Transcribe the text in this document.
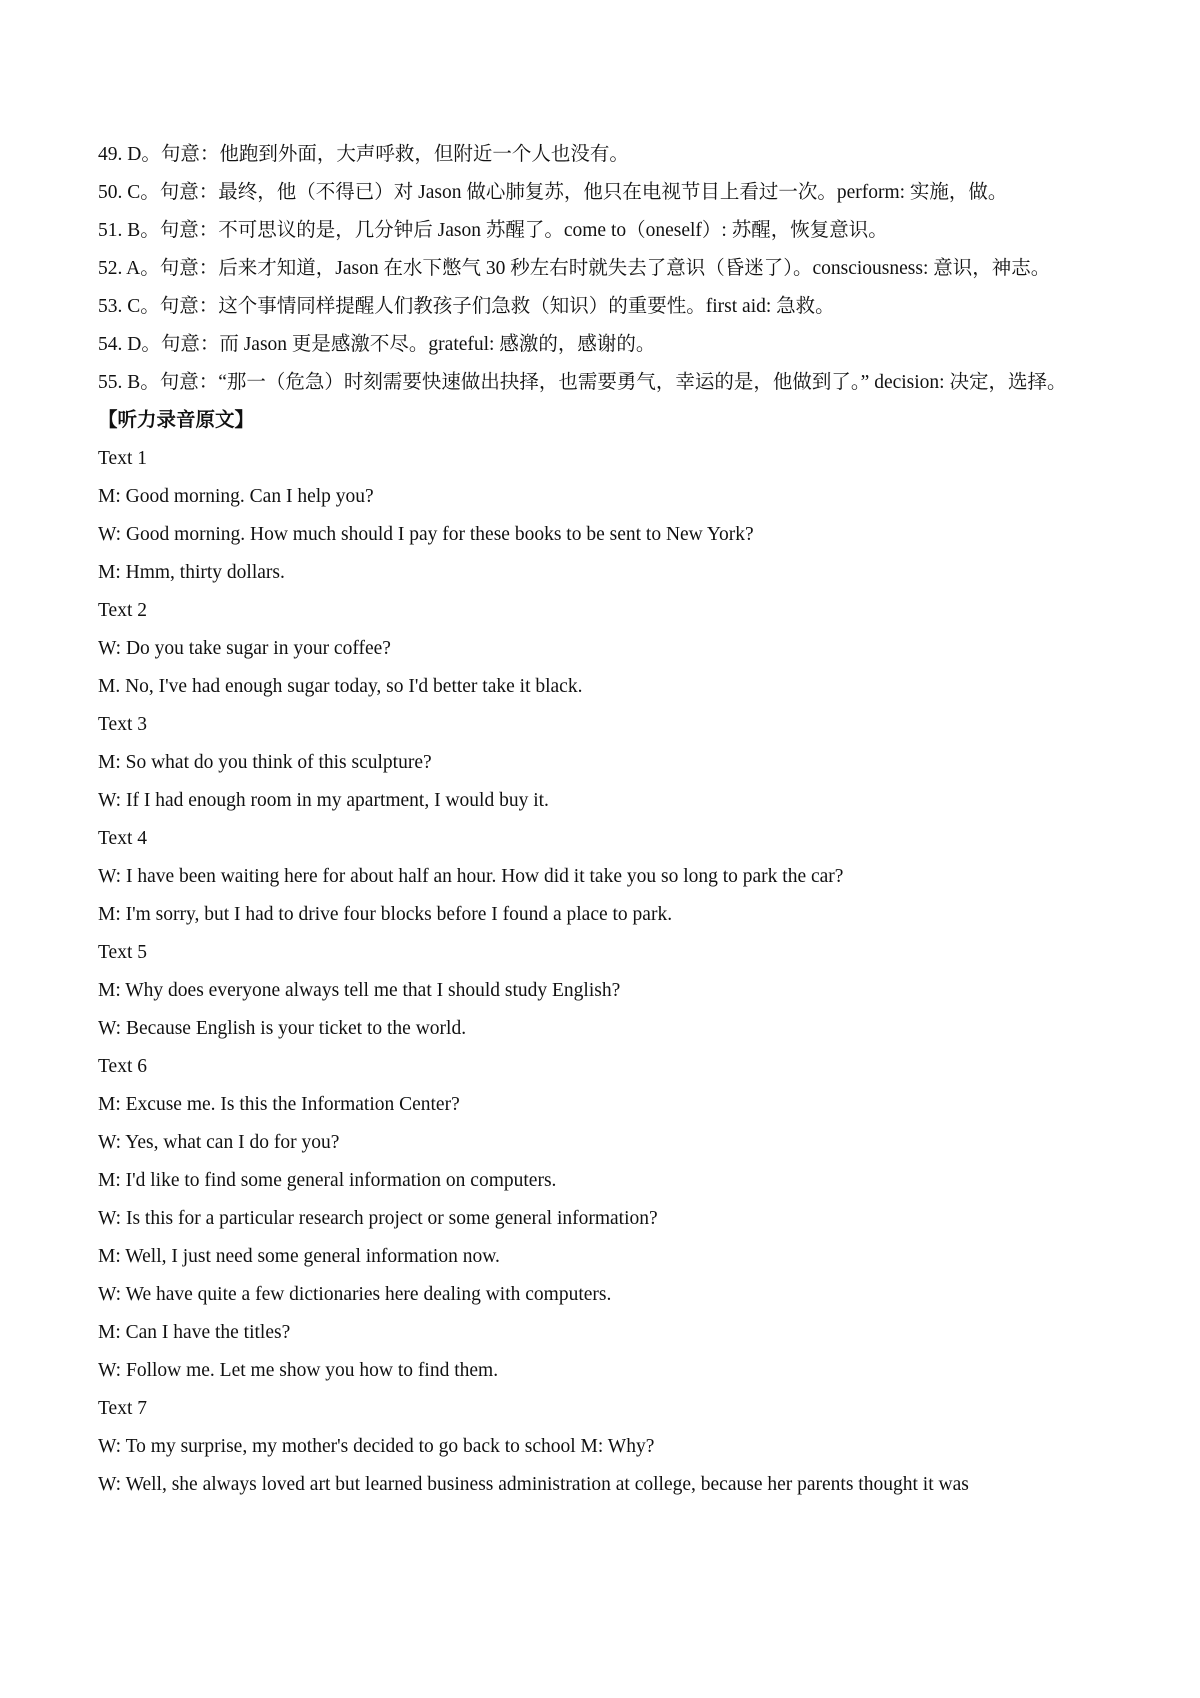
49. D。句意：他跑到外面，大声呼救，但附近一个人也没有。

50. C。句意：最终，他（不得已）对 Jason 做心肺复苏，他只在电视节目上看过一次。perform: 实施，做。

51. B。句意：不可思议的是，几分钟后 Jason 苏醒了。come to（oneself）: 苏醒，恢复意识。

52. A。句意：后来才知道，Jason 在水下憋气 30 秒左右时就失去了意识（昏迷了）。consciousness: 意识，神志。

53. C。句意：这个事情同样提醒人们教孩子们急救（知识）的重要性。first aid: 急救。

54. D。句意：而 Jason 更是感激不尽。grateful: 感激的，感谢的。

55. B。句意：“那一（危急）时刻需要快速做出抉择，也需要勇气，幸运的是，他做到了。” decision: 决定，选择。

【听力录音原文】

Text 1

M: Good morning. Can I help you?

W: Good morning. How much should I pay for these books to be sent to New York?

M: Hmm, thirty dollars.

Text 2

W: Do you take sugar in your coffee?

M. No, I've had enough sugar today, so I'd better take it black.

Text 3

M: So what do you think of this sculpture?

W: If I had enough room in my apartment, I would buy it.

Text 4

W: I have been waiting here for about half an hour. How did it take you so long to park the car?

M: I'm sorry, but I had to drive four blocks before I found a place to park.

Text 5

M: Why does everyone always tell me that I should study English?

W: Because English is your ticket to the world.

Text 6

M: Excuse me. Is this the Information Center?

W: Yes, what can I do for you?

M: I'd like to find some general information on computers.

W: Is this for a particular research project or some general information?

M: Well, I just need some general information now.

W: We have quite a few dictionaries here dealing with computers.

M: Can I have the titles?

W: Follow me. Let me show you how to find them.

Text 7

W: To my surprise, my mother's decided to go back to school M: Why?

W: Well, she always loved art but learned business administration at college, because her parents thought it was
